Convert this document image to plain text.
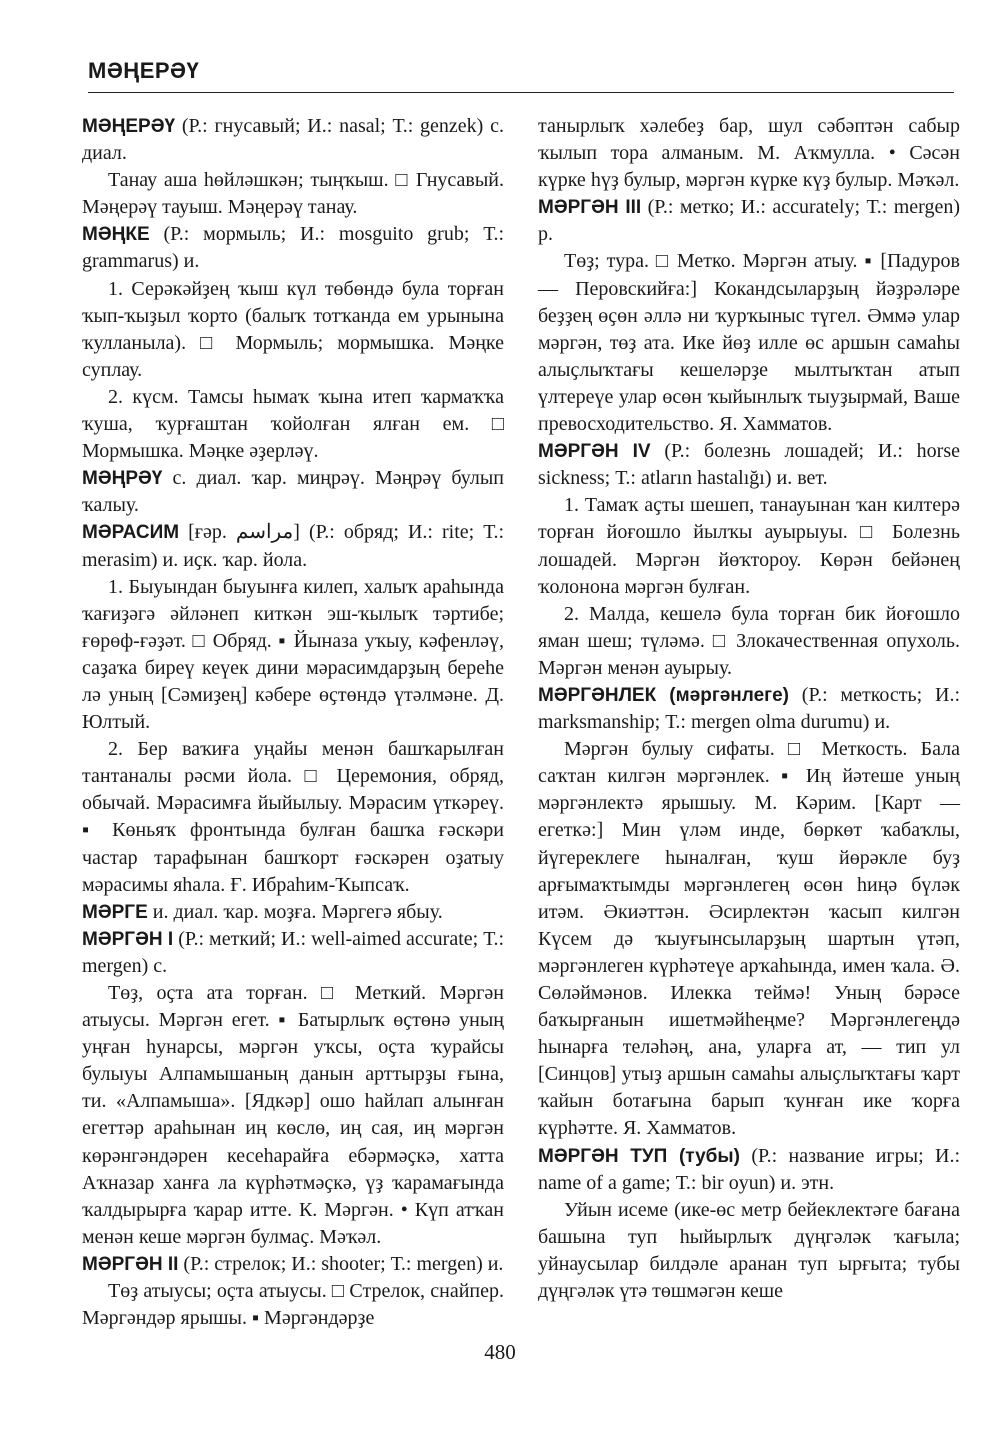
МӘҢЕРӘҮ

МӘҢЕРӘҮ (Р.: гнусавый; И.: nasal; Т.: genzek) с. диал.

Танау аша һөйләшкән; тыңҡыш. □ Гнусавый. Мәңерәү тауыш. Мәңерәү танау.

МӘҢКЕ (Р.: мормыль; И.: mosguito grub; Т.: grammarus) и.

1. Серәкәйҙең ҡыш күл төбөндә була торған ҡып-ҡыҙыл ҡорто (балыҡ тотҡанда ем урынына ҡулланыла). □ Мормыль; мормышка. Мәңке суплау.

2. күсм. Тамсы һымаҡ ҡына итеп ҡармаҡҡа ҡуша, ҡурғаштан ҡойолған ялған ем. □ Мормышка. Мәңке әҙерләү.

МӘҢРӘҮ с. диал. ҡар. миңрәү. Мәңрәү булып ҡалыу.

МӘРАСИМ [ғәр. مراسم] (Р.: обряд; И.: rite; Т.: merasim) и. иҫк. ҡар. йола.

1. Быуындан быуынға килеп, халыҡ араһында ҡағиҙәгә әйләнеп киткән эш-ҡылыҡ тәртибе; ғөрөф-ғәҙәт. □ Обряд. ▪ Йыназа уҡыу, кәфенләү, саҙаҡа биреү кеүек дини мәрасимдарҙың береһе лә уның [Сәмиҙең] кәбере өҫтөндә үтәлмәне. Д. Юлтый.

2. Бер ваҡиға уңайы менән башҡарылған тантаналы рәсми йола. □ Церемония, обряд, обычай. Мәрасимға йыйылыу. Мәрасим үткәреү. ▪ Көньяҡ фронтында булған башҡа ғәскәри частар тарафынан башҡорт ғәскәрен оҙатыу мәрасимы яһала. Ғ. Ибраһим-Ҡыпсаҡ.

МӘРГЕ и. диал. ҡар. моҙға. Мәргегә ябыу.

МӘРГӘН I (Р.: меткий; И.: well-aimed accurate; Т.: mergen) с.

Төҙ, оҫта ата торған. □ Меткий. Мәргән атыусы. Мәргән егет. ▪ Батырлыҡ өҫтөнә уның уңған һунарсы, мәргән уҡсы, оҫта ҡурайсы булыуы Алпамышаның данын арттырҙы ғына, ти. «Алпамыша». [Ядкәр] ошо һайлап алынған егеттәр араһынан иң көслө, иң сая, иң мәргән көрәнгәндәрен кесеһарайға ебәрмәҫкә, хатта Аҡназар ханға ла күрһәтмәҫкә, үҙ ҡарамағында ҡалдырырға ҡарар итте. К. Мәргән. • Күп атҡан менән кеше мәргән булмаҫ. Мәҡәл.

МӘРГӘН II (Р.: стрелок; И.: shooter; Т.: mergen) и.

Төҙ атыусы; оҫта атыусы. □ Стрелок, снайпер. Мәргәндәр ярышы. ▪ Мәргәндәрҙе

танырлыҡ хәлебеҙ бар, шул сәбәптән сабыр ҡылып тора алманым. М. Аҡмулла. • Сәсән күрке һүҙ булыр, мәргән күрке күҙ булыр. Мәҡәл.

МӘРГӘН III (Р.: метко; И.: accurately; Т.: mergen) р.

Төҙ; тура. □ Метко. Мәргән атыу. ▪ [Падуров — Перовскийға:] Кокандсыларҙың йәҙрәләре беҙҙең өҫөн әллә ни ҡурҡыныс түгел. Әммә улар мәргән, төҙ ата. Ике йөҙ илле өс аршын самаһы алыҫлыҡтағы кешеләрҙе мылтыҡтан атып үлтереүе улар өсөн ҡыйынлыҡ тыуҙырмай, Ваше превосходительство. Я. Хамматов.

МӘРГӘН IV (Р.: болезнь лошадей; И.: horse sickness; Т.: atların hastalığı) и. вет.

1. Тамаҡ аҫты шешеп, танауынан ҡан килтерә торған йоғошло йылҡы ауырыуы. □ Болезнь лошадей. Мәргән йөҡтороу. Көрән бейәнең ҡолононa мәргән булған.

2. Малда, кешелә була торған бик йоғошло яман шеш; түләмә. □ Злокачественная опухоль. Мәргән менән ауырыу.

МӘРГӘНЛЕК (мәргәнлеге) (Р.: меткость; И.: marksmanship; Т.: mergen olma durumu) и.

Мәргән булыу сифаты. □ Меткость. Бала саҡтан килгән мәргәнлек. ▪ Иң йәтеше уның мәргәнлектә ярышыу. М. Кәрим. [Карт — егеткә:] Мин үләм инде, бөркөт ҡабаҡлы, йүгереклеге һыналған, ҡуш йөрәкле буҙ арғымаҡтымды мәргәнлегең өсөн һиңә бүләк итәм. Әкиәттән. Әсирлектән ҡасып килгән Күсем дә ҡыуғынсыларҙың шартын үтәп, мәргәнлеген күрһәтеүе арҡаһында, имен ҡала. Ә. Сөләймәнов. Илекка теймә! Уның бәрәсе баҡырғанын ишетмәйһеңме? Мәргәнлегеңдә һынарға теләһәң, ана, уларға ат, — тип ул [Синцов] утыҙ аршын самаһы алыҫлыҡтағы ҡарт ҡайын ботағына барып ҡунған ике ҡорға күрһәтте. Я. Хамматов.

МӘРГӘН ТУП (тубы) (Р.: название игры; И.: name of a game; Т.: bir oyun) и. этн.

Уйын исеме (ике-өс метр бейеклектәге бағана башына туп һыйырлыҡ дүңгәләк ҡағыла; уйнаусылар билдәле аранан туп ырғыта; тубы дүңгәләк үтә төшмәгән кеше

480
